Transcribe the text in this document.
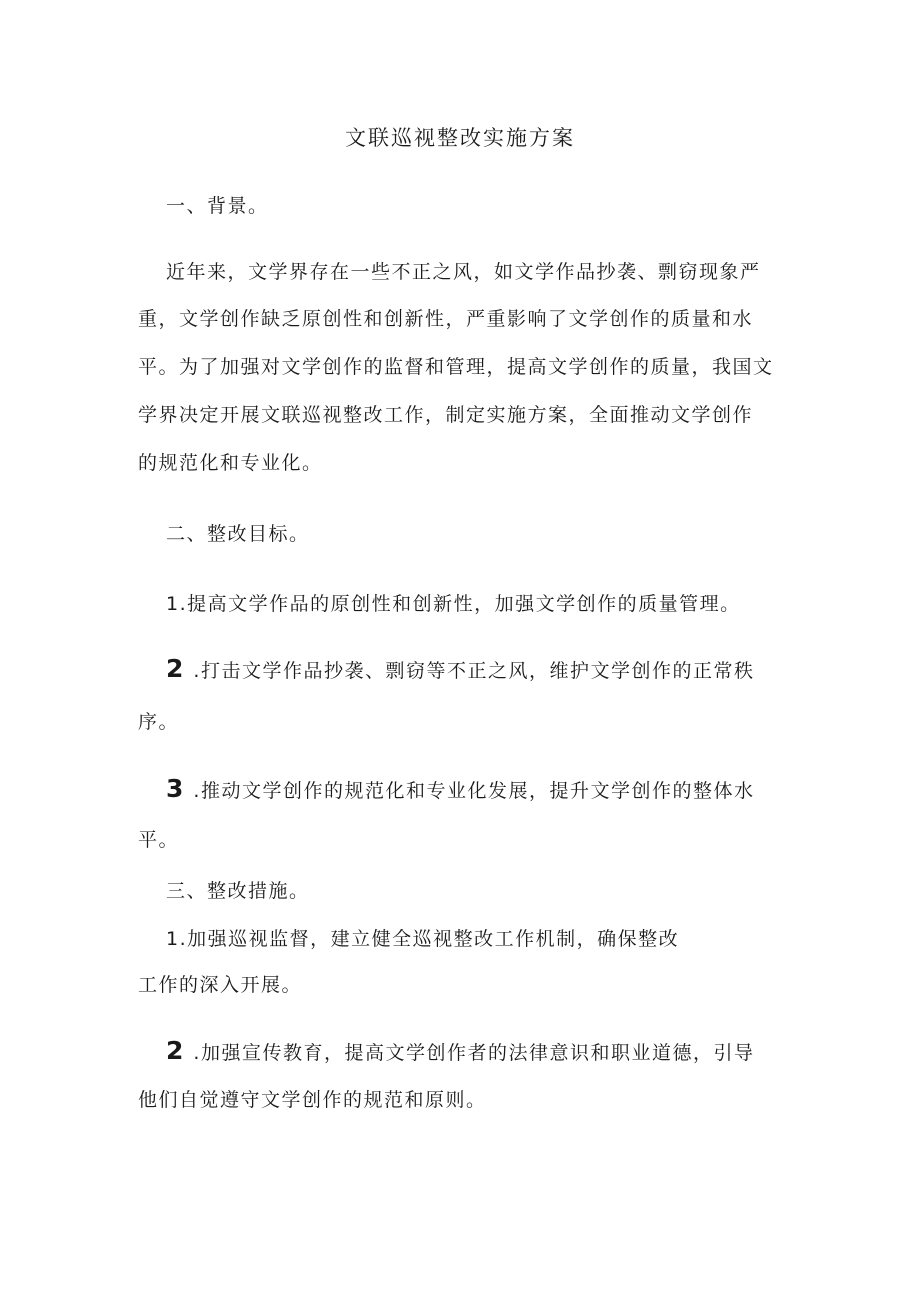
文联巡视整改实施方案
一、背景。
近年来，文学界存在一些不正之风，如文学作品抄袭、剽窃现象严
重，文学创作缺乏原创性和创新性，严重影响了文学创作的质量和水
平。为了加强对文学创作的监督和管理，提高文学创作的质量，我国文
学界决定开展文联巡视整改工作，制定实施方案，全面推动文学创作
的规范化和专业化。
二、整改目标。
1.提高文学作品的原创性和创新性，加强文学创作的质量管理。
2 .打击文学作品抄袭、剽窃等不正之风，维护文学创作的正常秩
序。
3 .推动文学创作的规范化和专业化发展，提升文学创作的整体水
平。
三、整改措施。
1.加强巡视监督，建立健全巡视整改工作机制，确保整改
工作的深入开展。
2 .加强宣传教育，提高文学创作者的法律意识和职业道德，引导
他们自觉遵守文学创作的规范和原则。
